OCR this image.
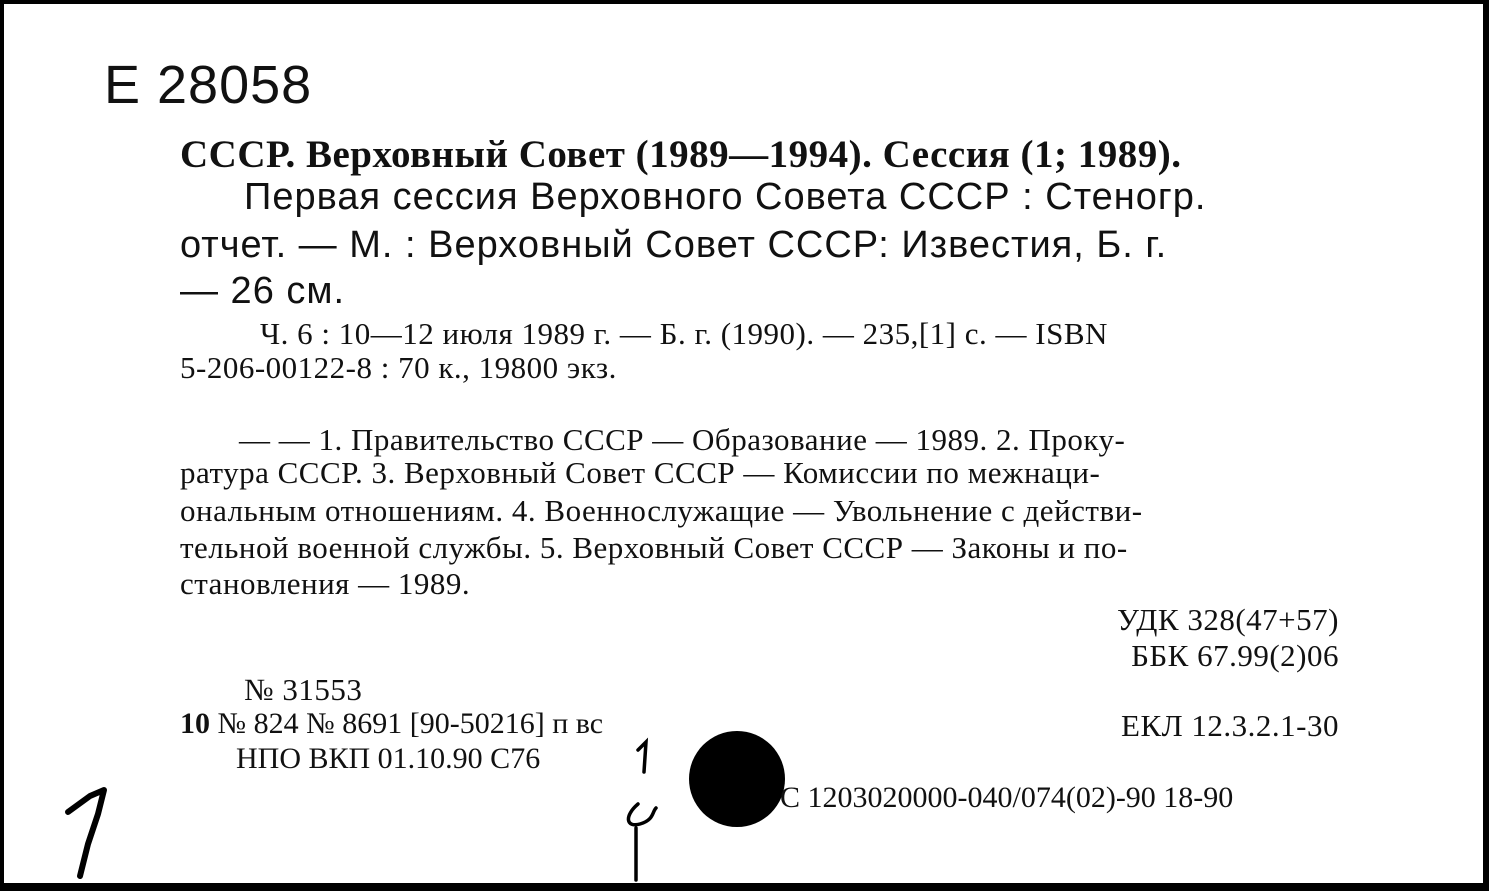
Е 28058
СССР. Верховный Совет (1989—1994). Сессия (1; 1989).
Первая сессия Верховного Совета СССР : Стеногр.
отчет. — М. : Верховный Совет СССР: Известия, Б. г.
— 26 см.
Ч. 6 : 10—12 июля 1989 г. — Б. г. (1990). — 235,[1] с. — ISBN
5-206-00122-8 : 70 к., 19800 экз.
— — 1. Правительство СССР — Образование — 1989. 2. Проку-
ратура СССР. 3. Верховный Совет СССР — Комиссии по межнаци-
ональным отношениям. 4. Военнослужащие — Увольнение с действи-
тельной военной службы. 5. Верховный Совет СССР — Законы и по-
становления — 1989.
УДК 328(47+57)
ББК 67.99(2)06
№ 31553
10 № 824 № 8691 [90-50216] п вс	ЕКЛ 12.3.2.1-30
НПО ВКП 01.10.90 С76
С 1203020000-040/074(02)-90 18-90
